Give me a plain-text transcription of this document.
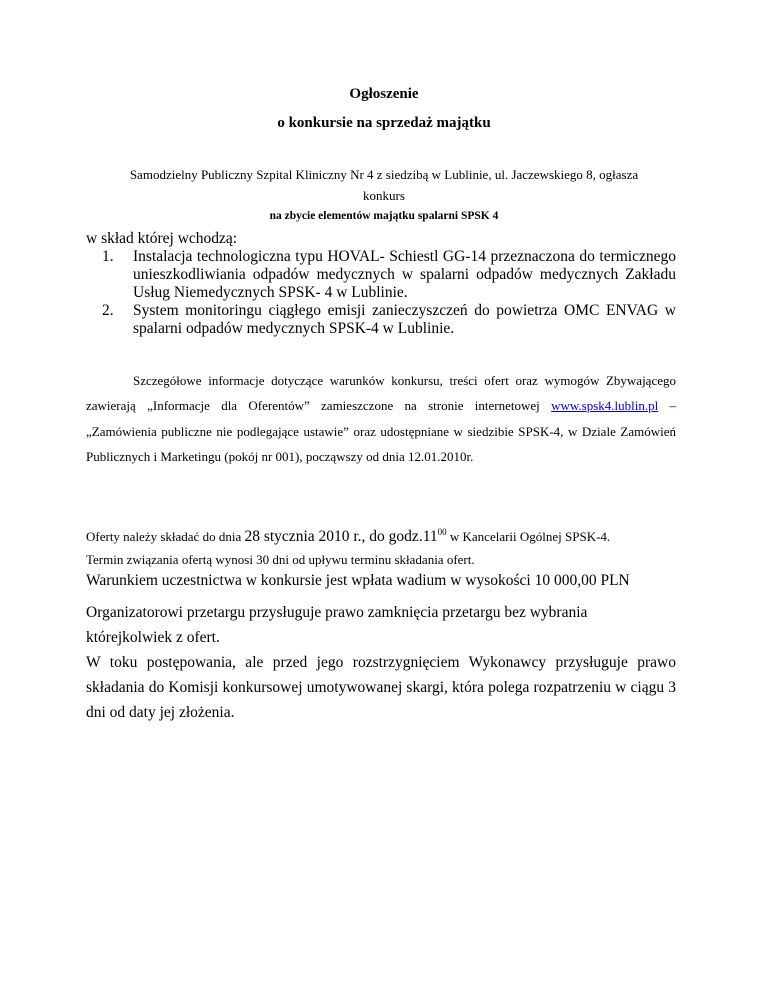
Ogłoszenie
o konkursie na sprzedaż majątku
Samodzielny Publiczny Szpital Kliniczny Nr 4 z siedzibą w Lublinie, ul. Jaczewskiego 8, ogłasza
konkurs
na zbycie elementów majątku spalarni SPSK 4
w skład której wchodzą:
1. Instalacja technologiczna typu HOVAL- Schiestl GG-14 przeznaczona do termicznego unieszkodliwiania odpadów medycznych w spalarni odpadów medycznych Zakładu Usług Niemedycznych SPSK- 4 w Lublinie.
2. System monitoringu ciągłego emisji zanieczyszczeń do powietrza OMC ENVAG w spalarni odpadów medycznych SPSK-4 w Lublinie.
Szczegółowe informacje dotyczące warunków konkursu, treści ofert oraz wymogów Zbywającego zawierają „Informacje dla Oferentów” zamieszczone na stronie internetowej www.spsk4.lublin.pl – „Zamówienia publiczne nie podlegające ustawie” oraz udostępniane w siedzibie SPSK-4, w Dziale Zamówień Publicznych i Marketingu (pokój nr 001), począwszy od dnia 12.01.2010r.
Oferty należy składać do dnia 28 stycznia 2010 r., do $godz.11^{00}$ w Kancelarii Ogólnej SPSK-4.
Termin związania ofertą wynosi 30 dni od upływu terminu składania ofert.
Warunkiem uczestnictwa w konkursie jest wpłata wadium w wysokości 10 000,00 PLN
Organizatorowi przetargu przysługuje prawo zamknięcia przetargu bez wybrania którejkolwiek z ofert.
W toku postępowania, ale przed jego rozstrzygnięciem Wykonawcy przysługuje prawo składania do Komisji konkursowej umotywowanej skargi, która polega rozpatrzeniu w ciągu 3 dni od daty jej złożenia.
